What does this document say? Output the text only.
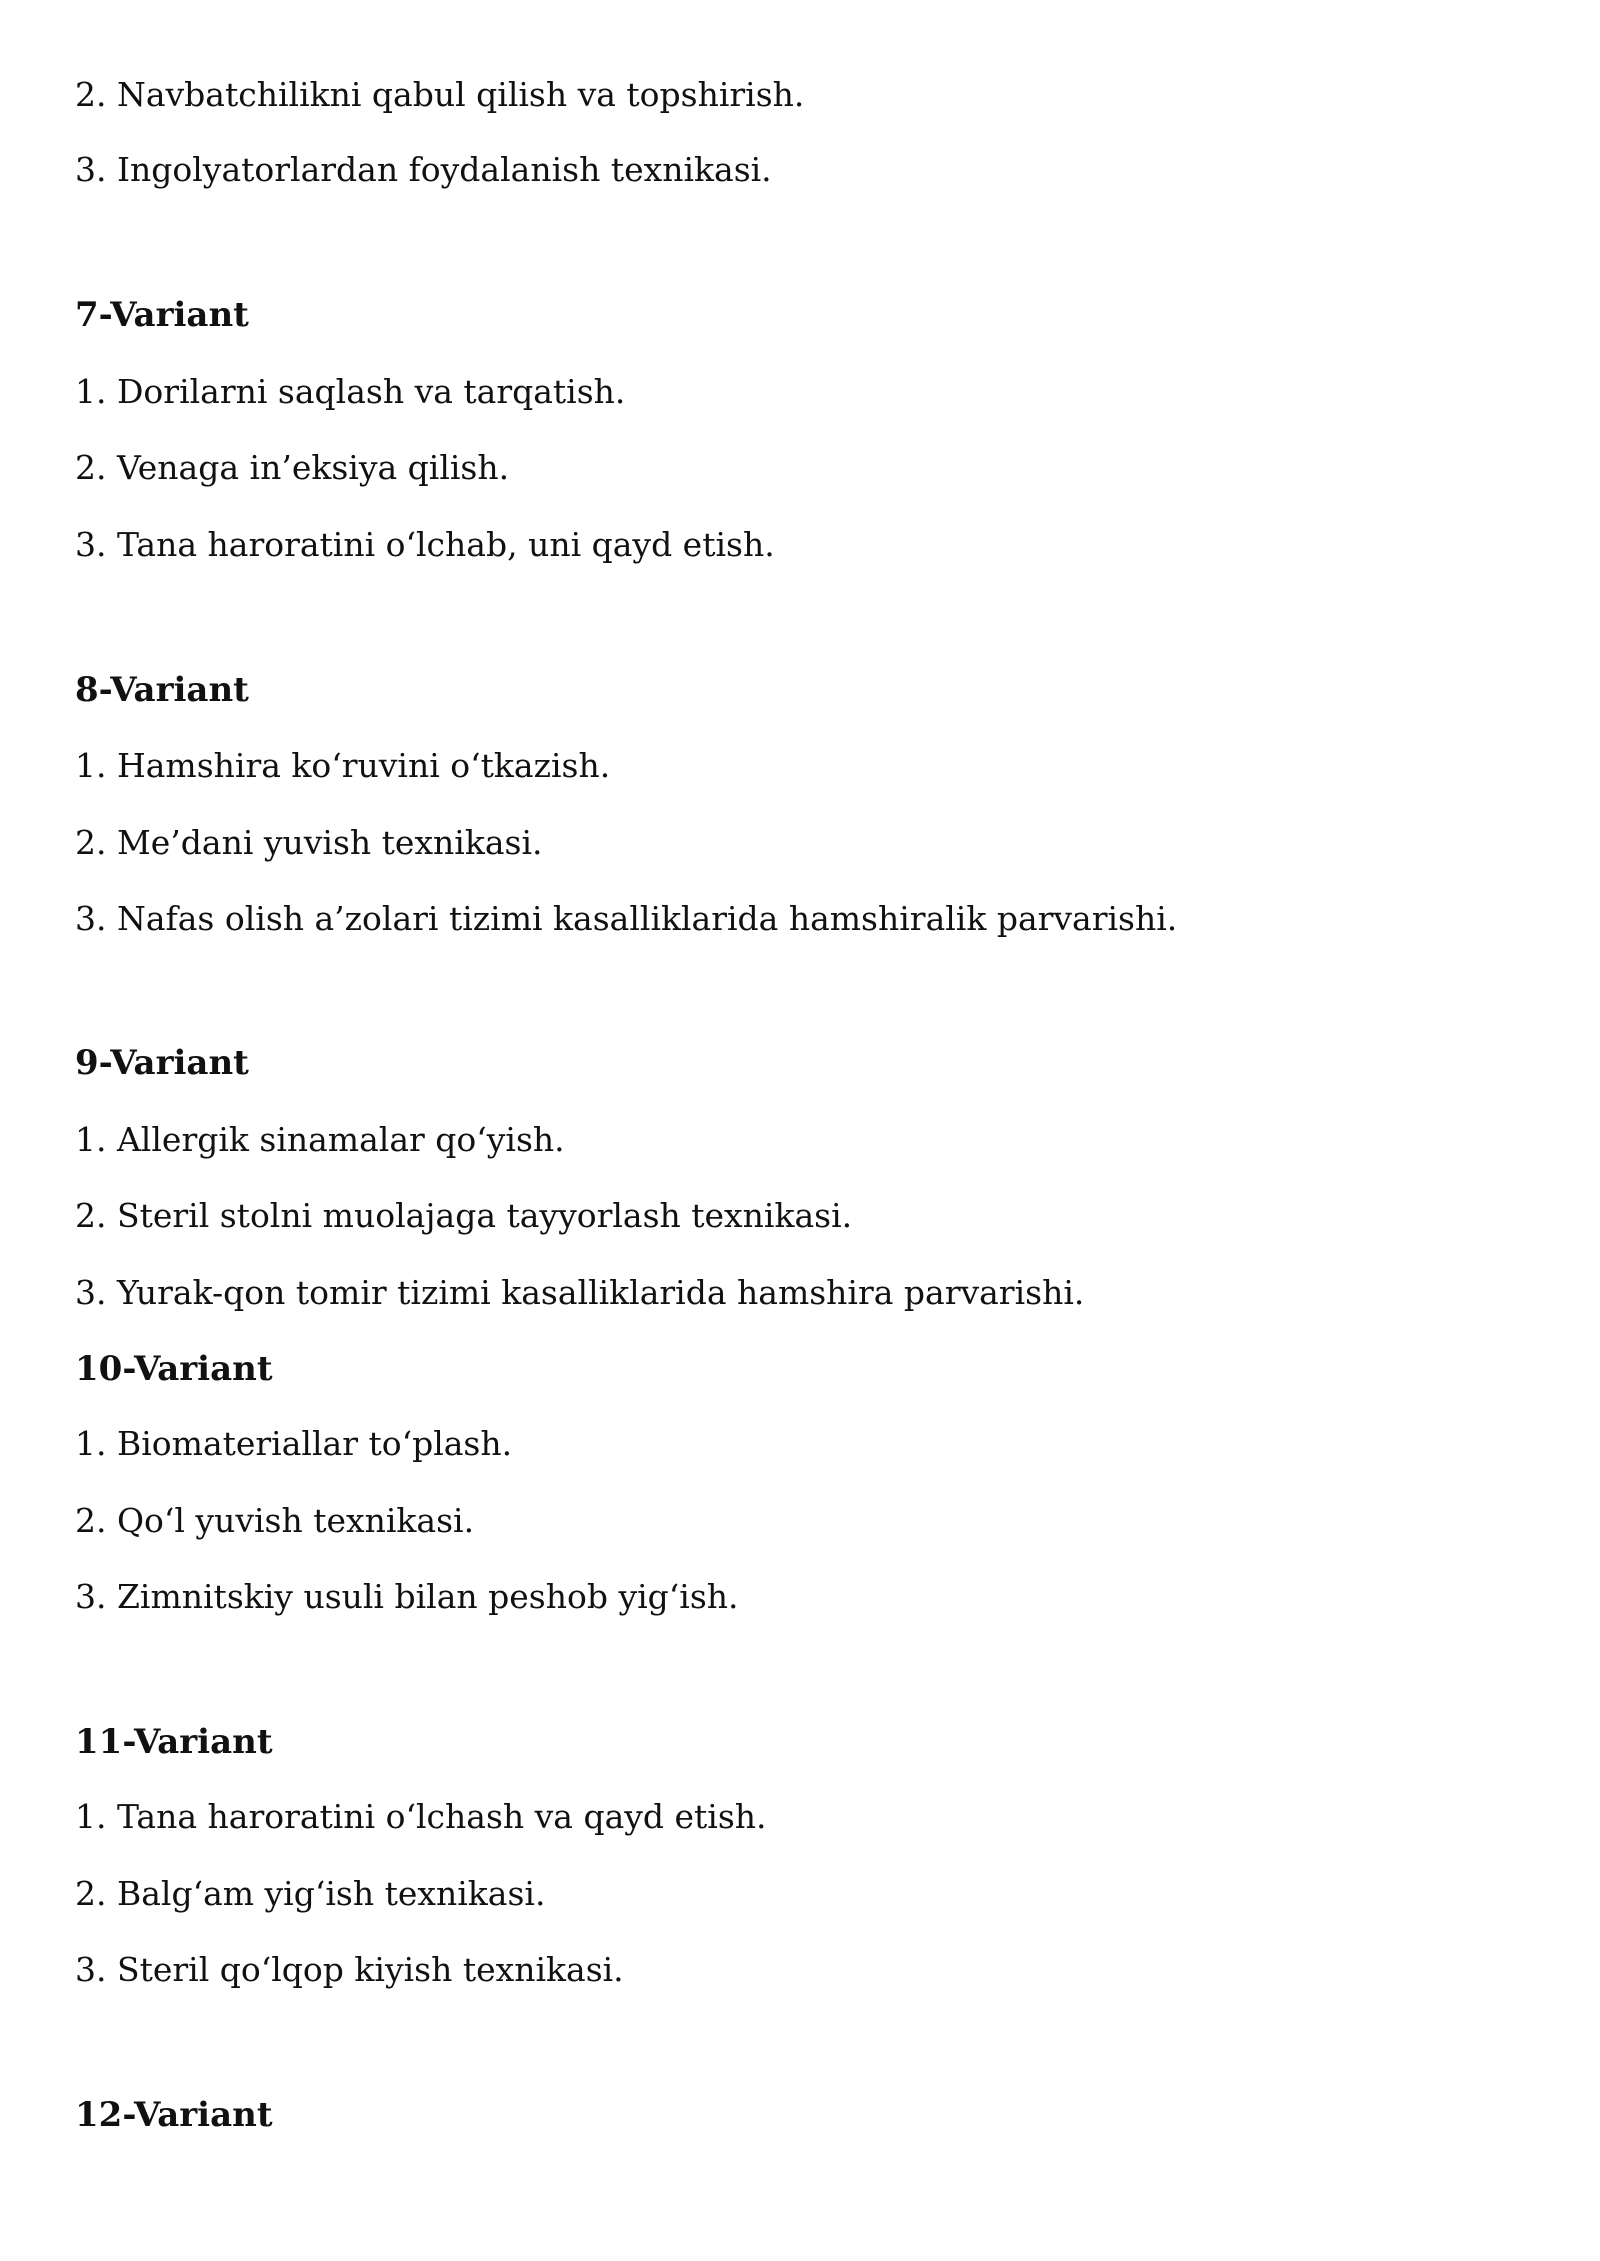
2. Navbatchilikni qabul qilish va topshirish.
3. Ingolyatorlardan foydalanish texnikasi.
7-Variant
1. Dorilarni saqlash va tarqatish.
2. Venaga in’eksiya qilish.
3. Tana haroratini o‘lchab, uni qayd etish.
8-Variant
1. Hamshira ko‘ruvini o‘tkazish.
2. Me’dani yuvish texnikasi.
3. Nafas olish a’zolari tizimi kasalliklarida hamshiralik parvarishi.
9-Variant
1. Allergik sinamalar qo‘yish.
2. Steril stolni muolajaga tayyorlash texnikasi.
3. Yurak-qon tomir tizimi kasalliklarida hamshira parvarishi.
10-Variant
1. Biomateriallar to‘plash.
2. Qo‘l yuvish texnikasi.
3. Zimnitskiy usuli bilan peshob yig‘ish.
11-Variant
1. Tana haroratini o‘lchash va qayd etish.
2. Balg‘am yig‘ish texnikasi.
3. Steril qo‘lqop kiyish texnikasi.
12-Variant
